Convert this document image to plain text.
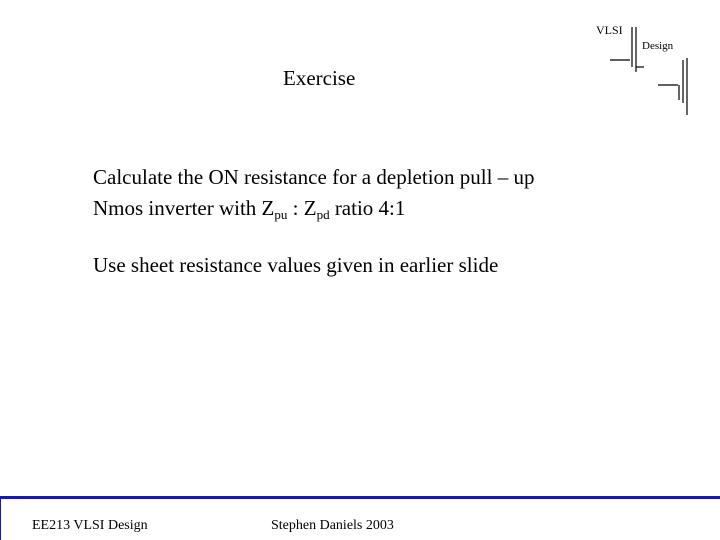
VLSI
Design
Exercise
Calculate the ON resistance for a depletion pull – up
Nmos inverter with $Z_{pu}$ : $Z_{pd}$ ratio 4:1
Use sheet resistance values given in earlier slide
EE213 VLSI Design	Stephen Daniels 2003
